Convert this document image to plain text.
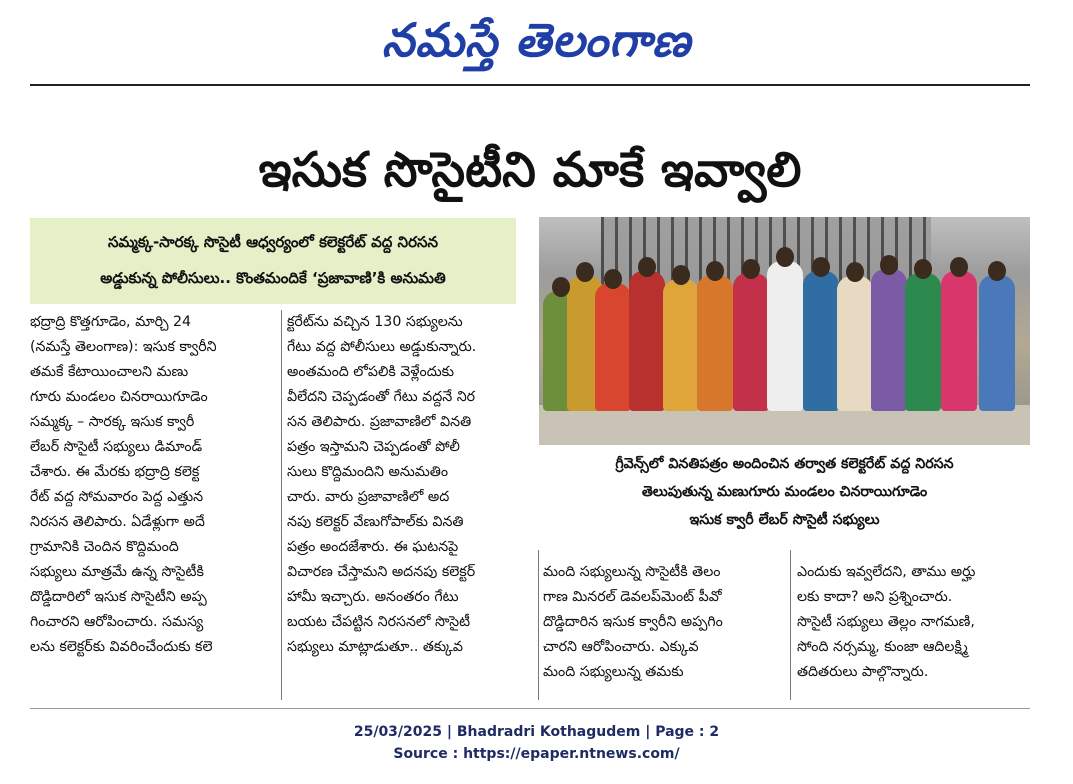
నమస్తే తెలంగాణ
ఇసుక సొసైటీని మాకే ఇవ్వాలి
సమ్మక్క-సారక్క సొసైటీ ఆధ్వర్యంలో కలెక్టరేట్ వద్ద నిరసన
అడ్డుకున్న పోలీసులు.. కొంతమందికే ‘ప్రజావాణి’కి అనుమతి

భద్రాద్రి కొత్తగూడెం, మార్చి 24

(నమస్తే తెలంగాణ): ఇసుక క్వారీని

తమకే కేటాయించాలని మణు

గూరు మండలం చినరాయిగూడెం

సమ్మక్క – సారక్క ఇసుక క్వారీ

లేబర్ సొసైటీ సభ్యులు డిమాండ్

చేశారు. ఈ మేరకు భద్రాద్రి కలెక్ట

రేట్ వద్ద సోమవారం పెద్ద ఎత్తున

నిరసన తెలిపారు. ఏడేళ్లుగా అదే

గ్రామానికి చెందిన కొద్దిమంది

సభ్యులు మాత్రమే ఉన్న సొసైటీకి

దొడ్డిదారిలో ఇసుక సొసైటీని అప్ప

గించారని ఆరోపించారు. సమస్య

లను కలెక్టర్‌కు వివరించేందుకు కలె

క్టరేట్‌ను వచ్చిన 130 సభ్యులను

గేటు వద్ద పోలీసులు అడ్డుకున్నారు.

అంతమంది లోపలికి వెళ్లేందుకు

వీలేదని చెప్పడంతో గేటు వద్దనే నిర

సన తెలిపారు. ప్రజావాణిలో వినతి

పత్రం ఇస్తామని చెప్పడంతో పోలీ

సులు కొద్దిమందిని అనుమతిం

చారు. వారు ప్రజావాణిలో అద

నపు కలెక్టర్ వేణుగోపాల్‌కు వినతి

పత్రం అందజేశారు. ఈ ఘటనపై

విచారణ చేస్తామని అదనపు కలెక్టర్

హామీ ఇచ్చారు. అనంతరం గేటు

బయట చేపట్టిన నిరసనలో సొసైటీ

సభ్యులు మాట్లాడుతూ.. తక్కువ

గ్రీవెన్స్‌లో వినతిపత్రం అందించిన తర్వాత కలెక్టరేట్ వద్ద నిరసన
తెలుపుతున్న మణుగూరు మండలం చినరాయిగూడెం
ఇసుక క్వారీ లేబర్ సొసైటీ సభ్యులు

మంది సభ్యులున్న సొసైటీకి తెలం

గాణ మినరల్ డెవలప్‌మెంట్ పీవో

దొడ్డిదారిన ఇసుక క్వారీని అప్పగిం

చారని ఆరోపించారు. ఎక్కువ

మంది సభ్యులున్న తమకు

ఎందుకు ఇవ్వలేదని, తాము అర్హు

లకు కాదా? అని ప్రశ్నించారు.

సొసైటీ సభ్యులు తెల్లం నాగమణి,

సోంది నర్సమ్మ, కుంజా ఆదిలక్ష్మి

తదితరులు పాల్గొన్నారు.

25/03/2025 | Bhadradri Kothagudem | Page : 2
Source : https://epaper.ntnews.com/
